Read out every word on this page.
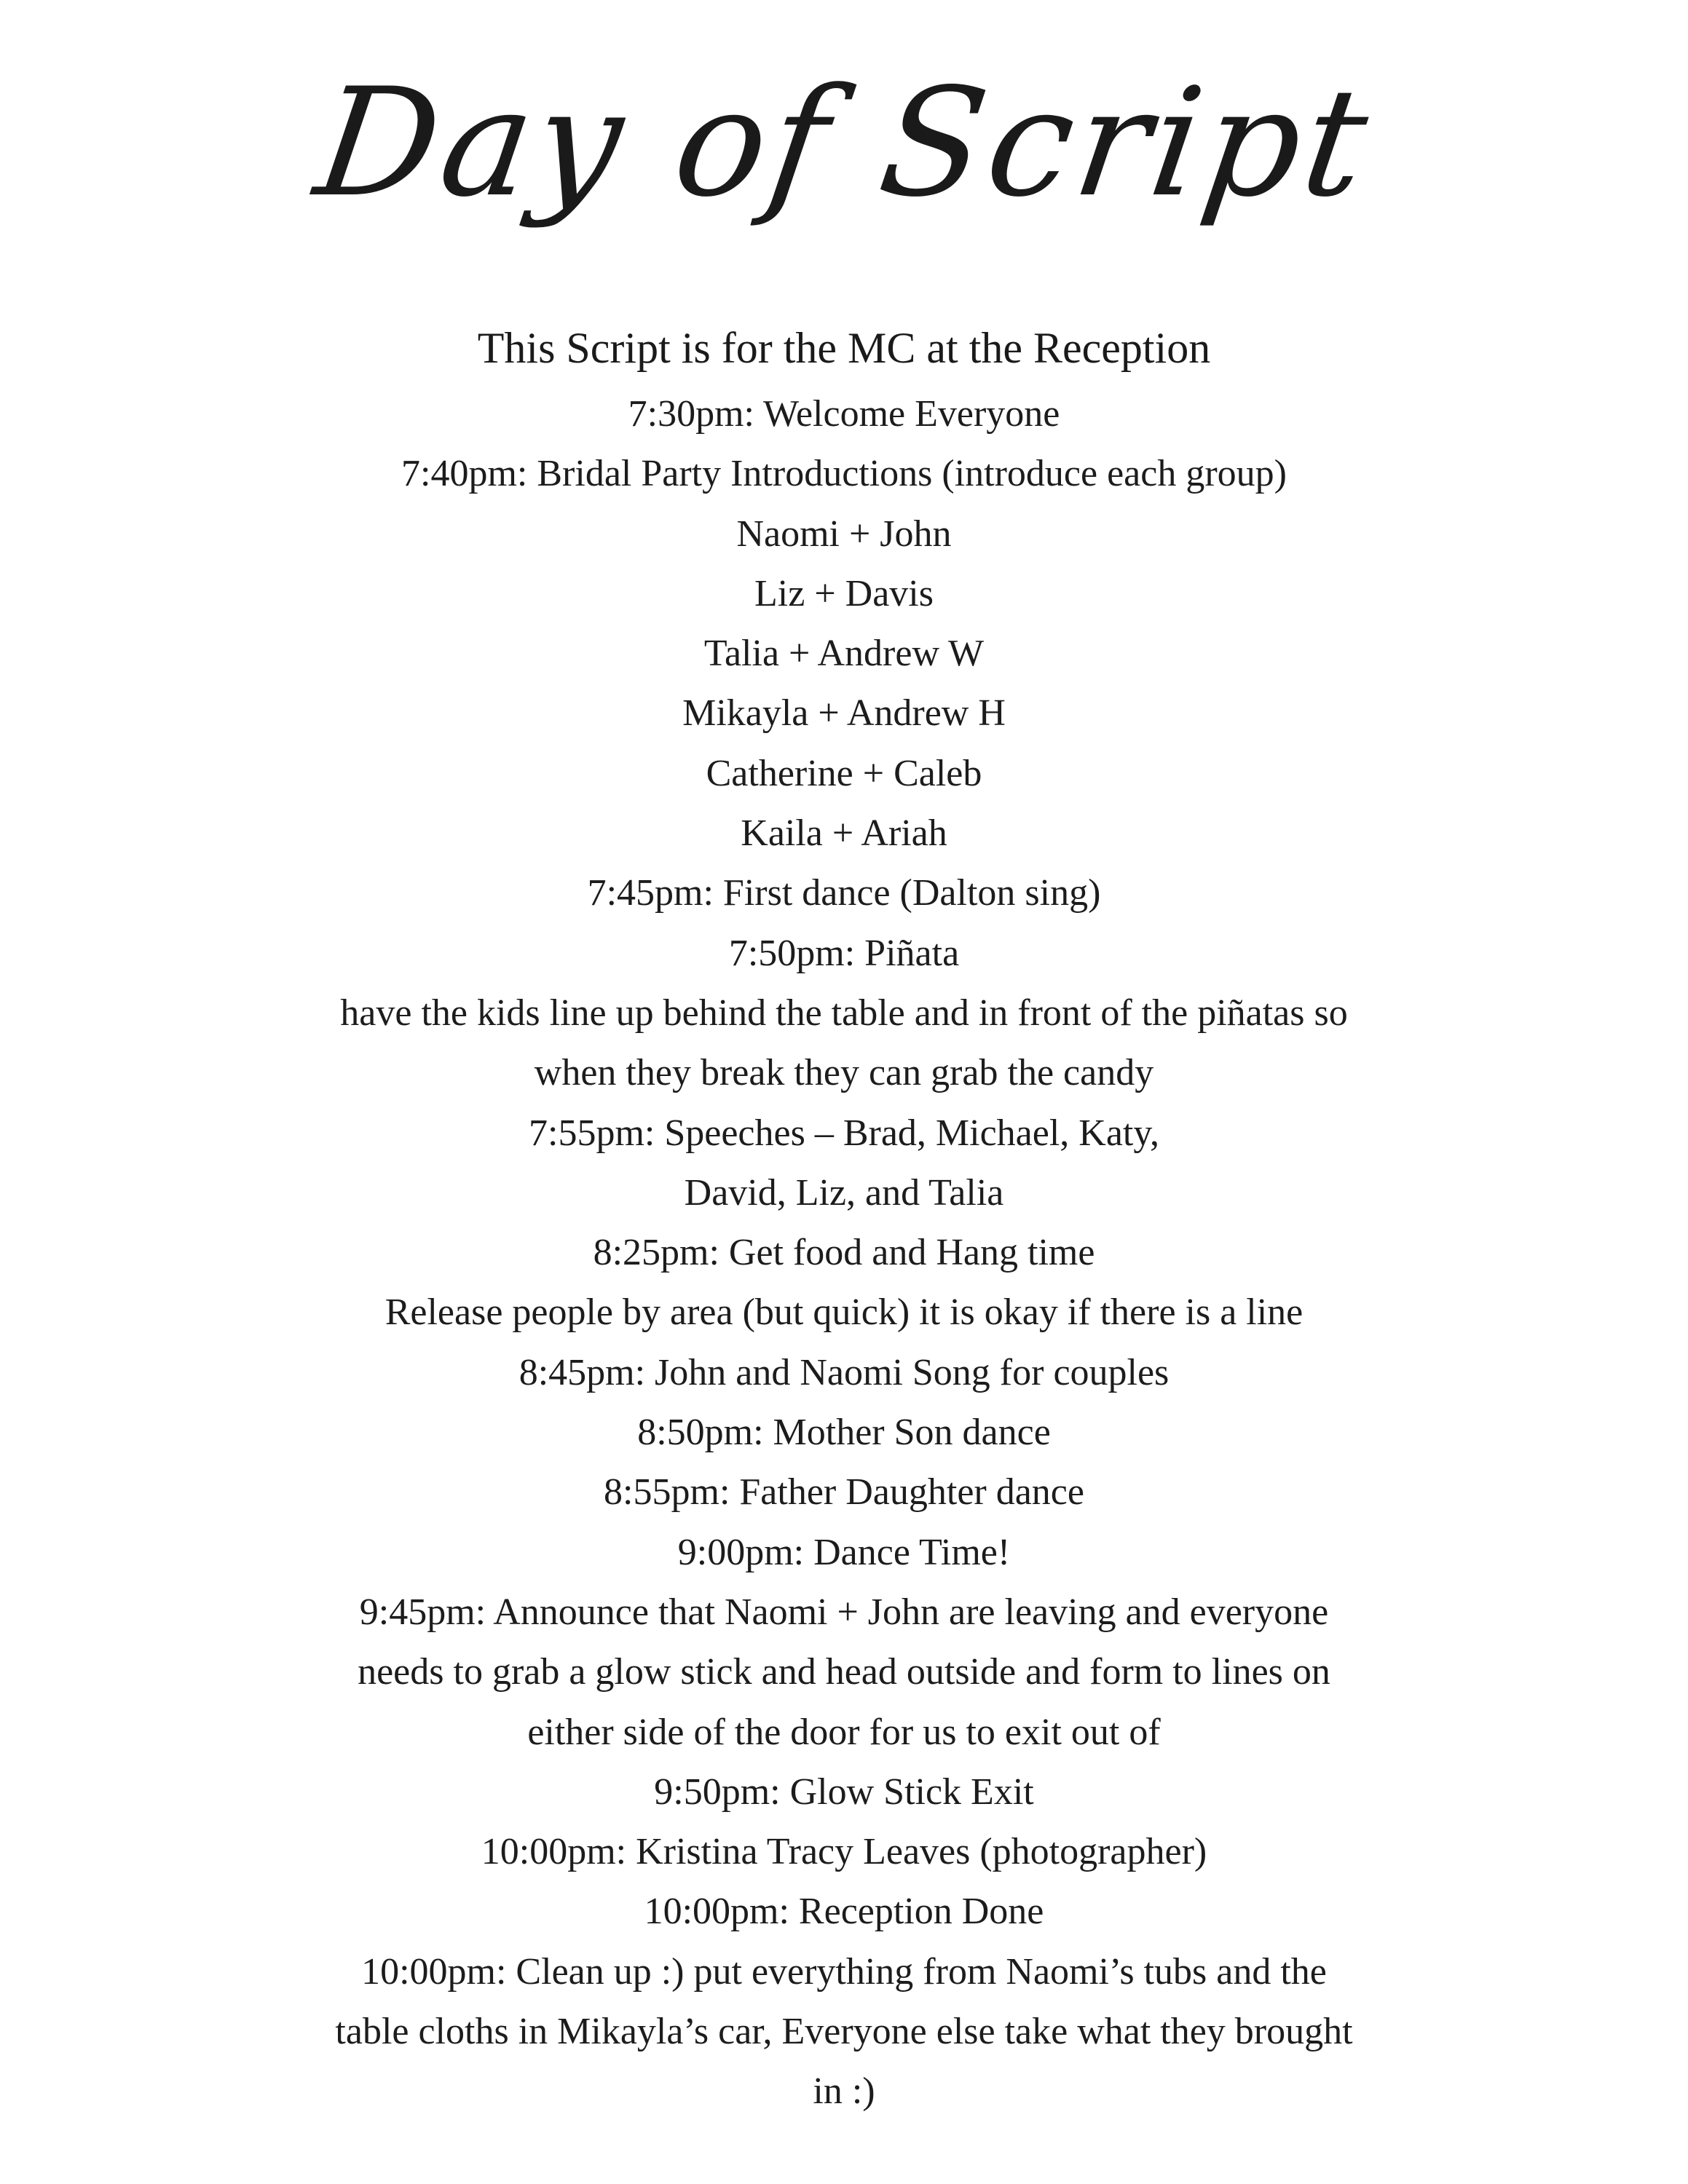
Day of Script
This Script is for the MC at the Reception
7:30pm: Welcome Everyone
7:40pm: Bridal Party Introductions (introduce each group)
Naomi + John
Liz + Davis
Talia + Andrew W
Mikayla + Andrew H
Catherine + Caleb
Kaila + Ariah
7:45pm: First dance (Dalton sing)
7:50pm: Piñata
have the kids line up behind the table and in front of the piñatas so
when they break they can grab the candy
7:55pm: Speeches – Brad, Michael, Katy,
David, Liz, and Talia
8:25pm: Get food and Hang time
Release people by area (but quick) it is okay if there is a line
8:45pm: John and Naomi Song for couples
8:50pm: Mother Son dance
8:55pm: Father Daughter dance
9:00pm: Dance Time!
9:45pm: Announce that Naomi + John are leaving and everyone
needs to grab a glow stick and head outside and form to lines on
either side of the door for us to exit out of
9:50pm: Glow Stick Exit
10:00pm: Kristina Tracy Leaves (photographer)
10:00pm: Reception Done
10:00pm: Clean up :) put everything from Naomi’s tubs and the
table cloths in Mikayla’s car, Everyone else take what they brought
in :)
